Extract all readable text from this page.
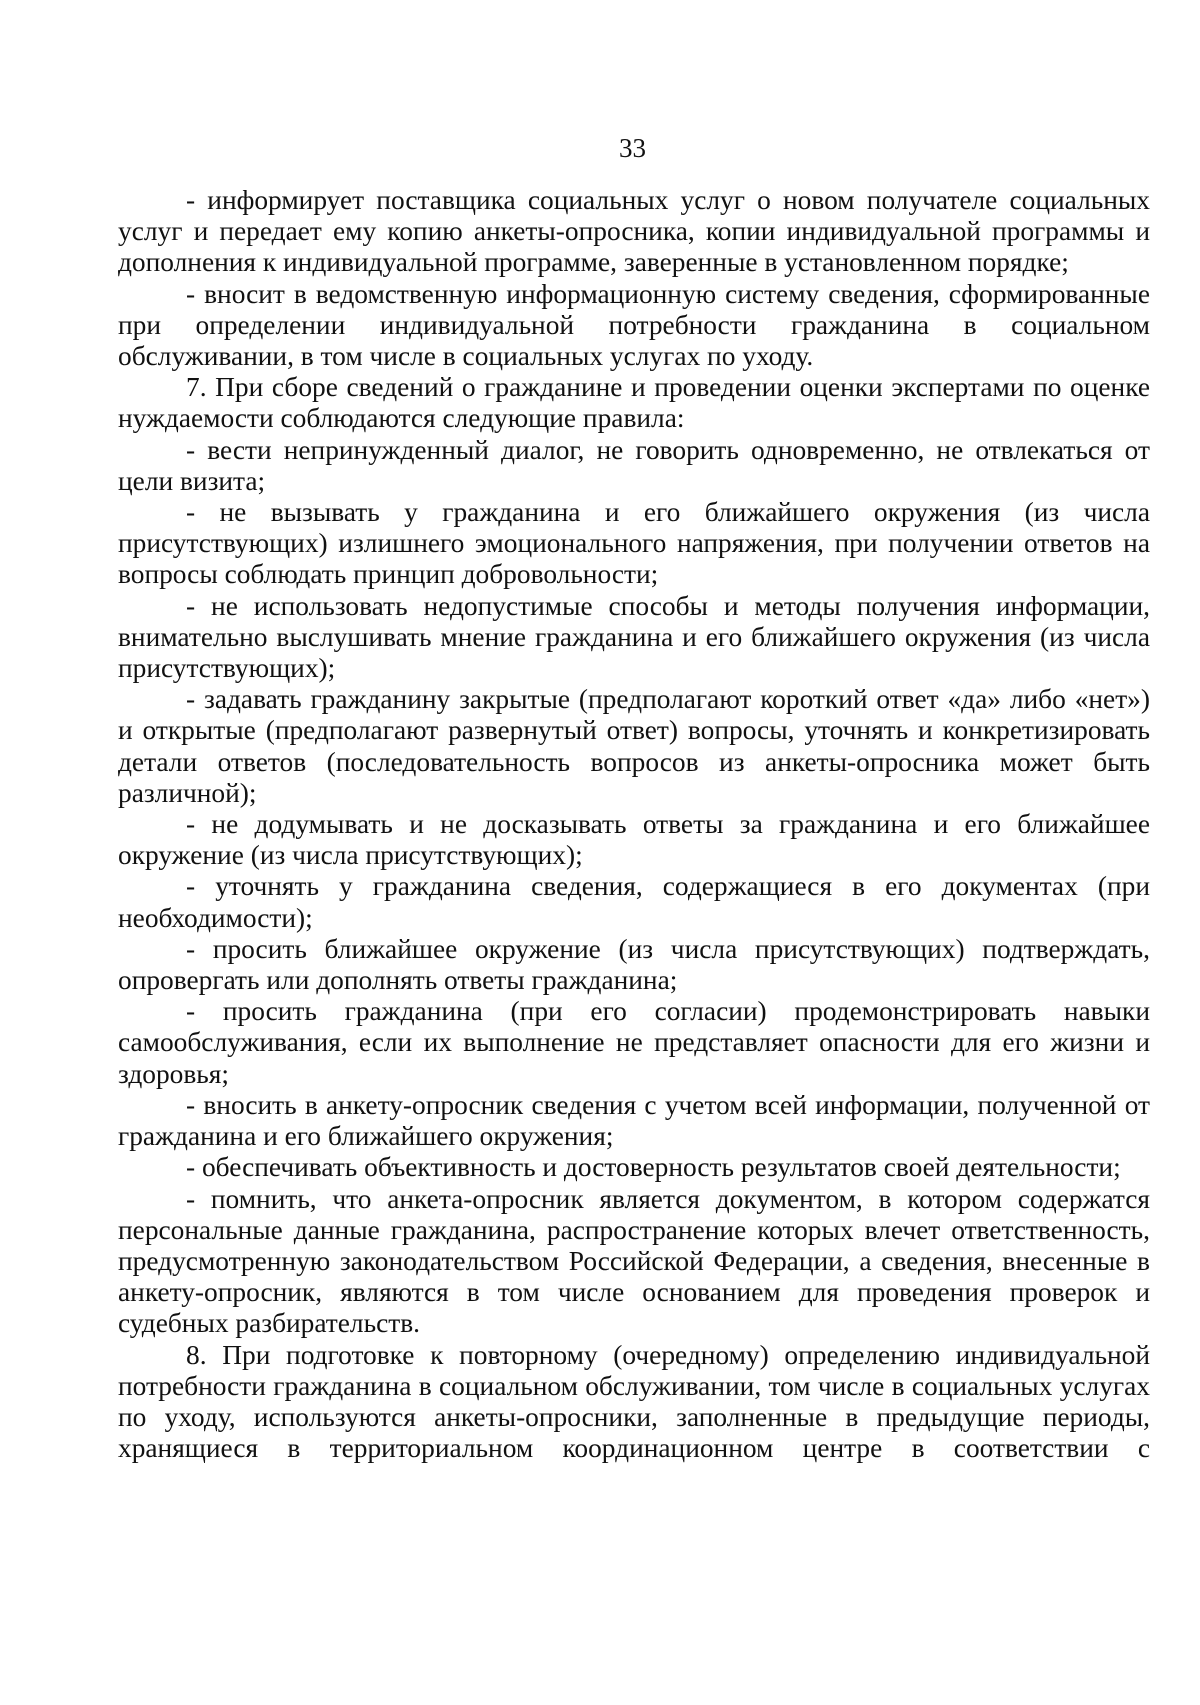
33

- информирует поставщика социальных услуг о новом получателе социальных услуг и передает ему копию анкеты-опросника, копии индивидуальной программы и дополнения к индивидуальной программе, заверенные в установленном порядке;

- вносит в ведомственную информационную систему сведения, сформированные при определении индивидуальной потребности гражданина в социальном обслуживании, в том числе в социальных услугах по уходу.

7. При сборе сведений о гражданине и проведении оценки экспертами по оценке нуждаемости соблюдаются следующие правила:

- вести непринужденный диалог, не говорить одновременно, не отвлекаться от цели визита;

- не вызывать у гражданина и его ближайшего окружения (из числа присутствующих) излишнего эмоционального напряжения, при получении ответов на вопросы соблюдать принцип добровольности;

- не использовать недопустимые способы и методы получения информации, внимательно выслушивать мнение гражданина и его ближайшего окружения (из числа присутствующих);

- задавать гражданину закрытые (предполагают короткий ответ «да» либо «нет») и открытые (предполагают развернутый ответ) вопросы, уточнять и конкретизировать детали ответов (последовательность вопросов из анкеты-опросника может быть различной);

- не додумывать и не досказывать ответы за гражданина и его ближайшее окружение (из числа присутствующих);

- уточнять у гражданина сведения, содержащиеся в его документах (при необходимости);

- просить ближайшее окружение (из числа присутствующих) подтверждать, опровергать или дополнять ответы гражданина;

- просить гражданина (при его согласии) продемонстрировать навыки самообслуживания, если их выполнение не представляет опасности для его жизни и здоровья;

- вносить в анкету-опросник сведения с учетом всей информации, полученной от гражданина и его ближайшего окружения;

- обеспечивать объективность и достоверность результатов своей деятельности;

- помнить, что анкета-опросник является документом, в котором содержатся персональные данные гражданина, распространение которых влечет ответственность, предусмотренную законодательством Российской Федерации, а сведения, внесенные в анкету-опросник, являются в том числе основанием для проведения проверок и судебных разбирательств.

8. При подготовке к повторному (очередному) определению индивидуальной потребности гражданина в социальном обслуживании, том числе в социальных услугах по уходу, используются анкеты-опросники, заполненные в предыдущие периоды, хранящиеся в территориальном координационном центре в соответствии с
